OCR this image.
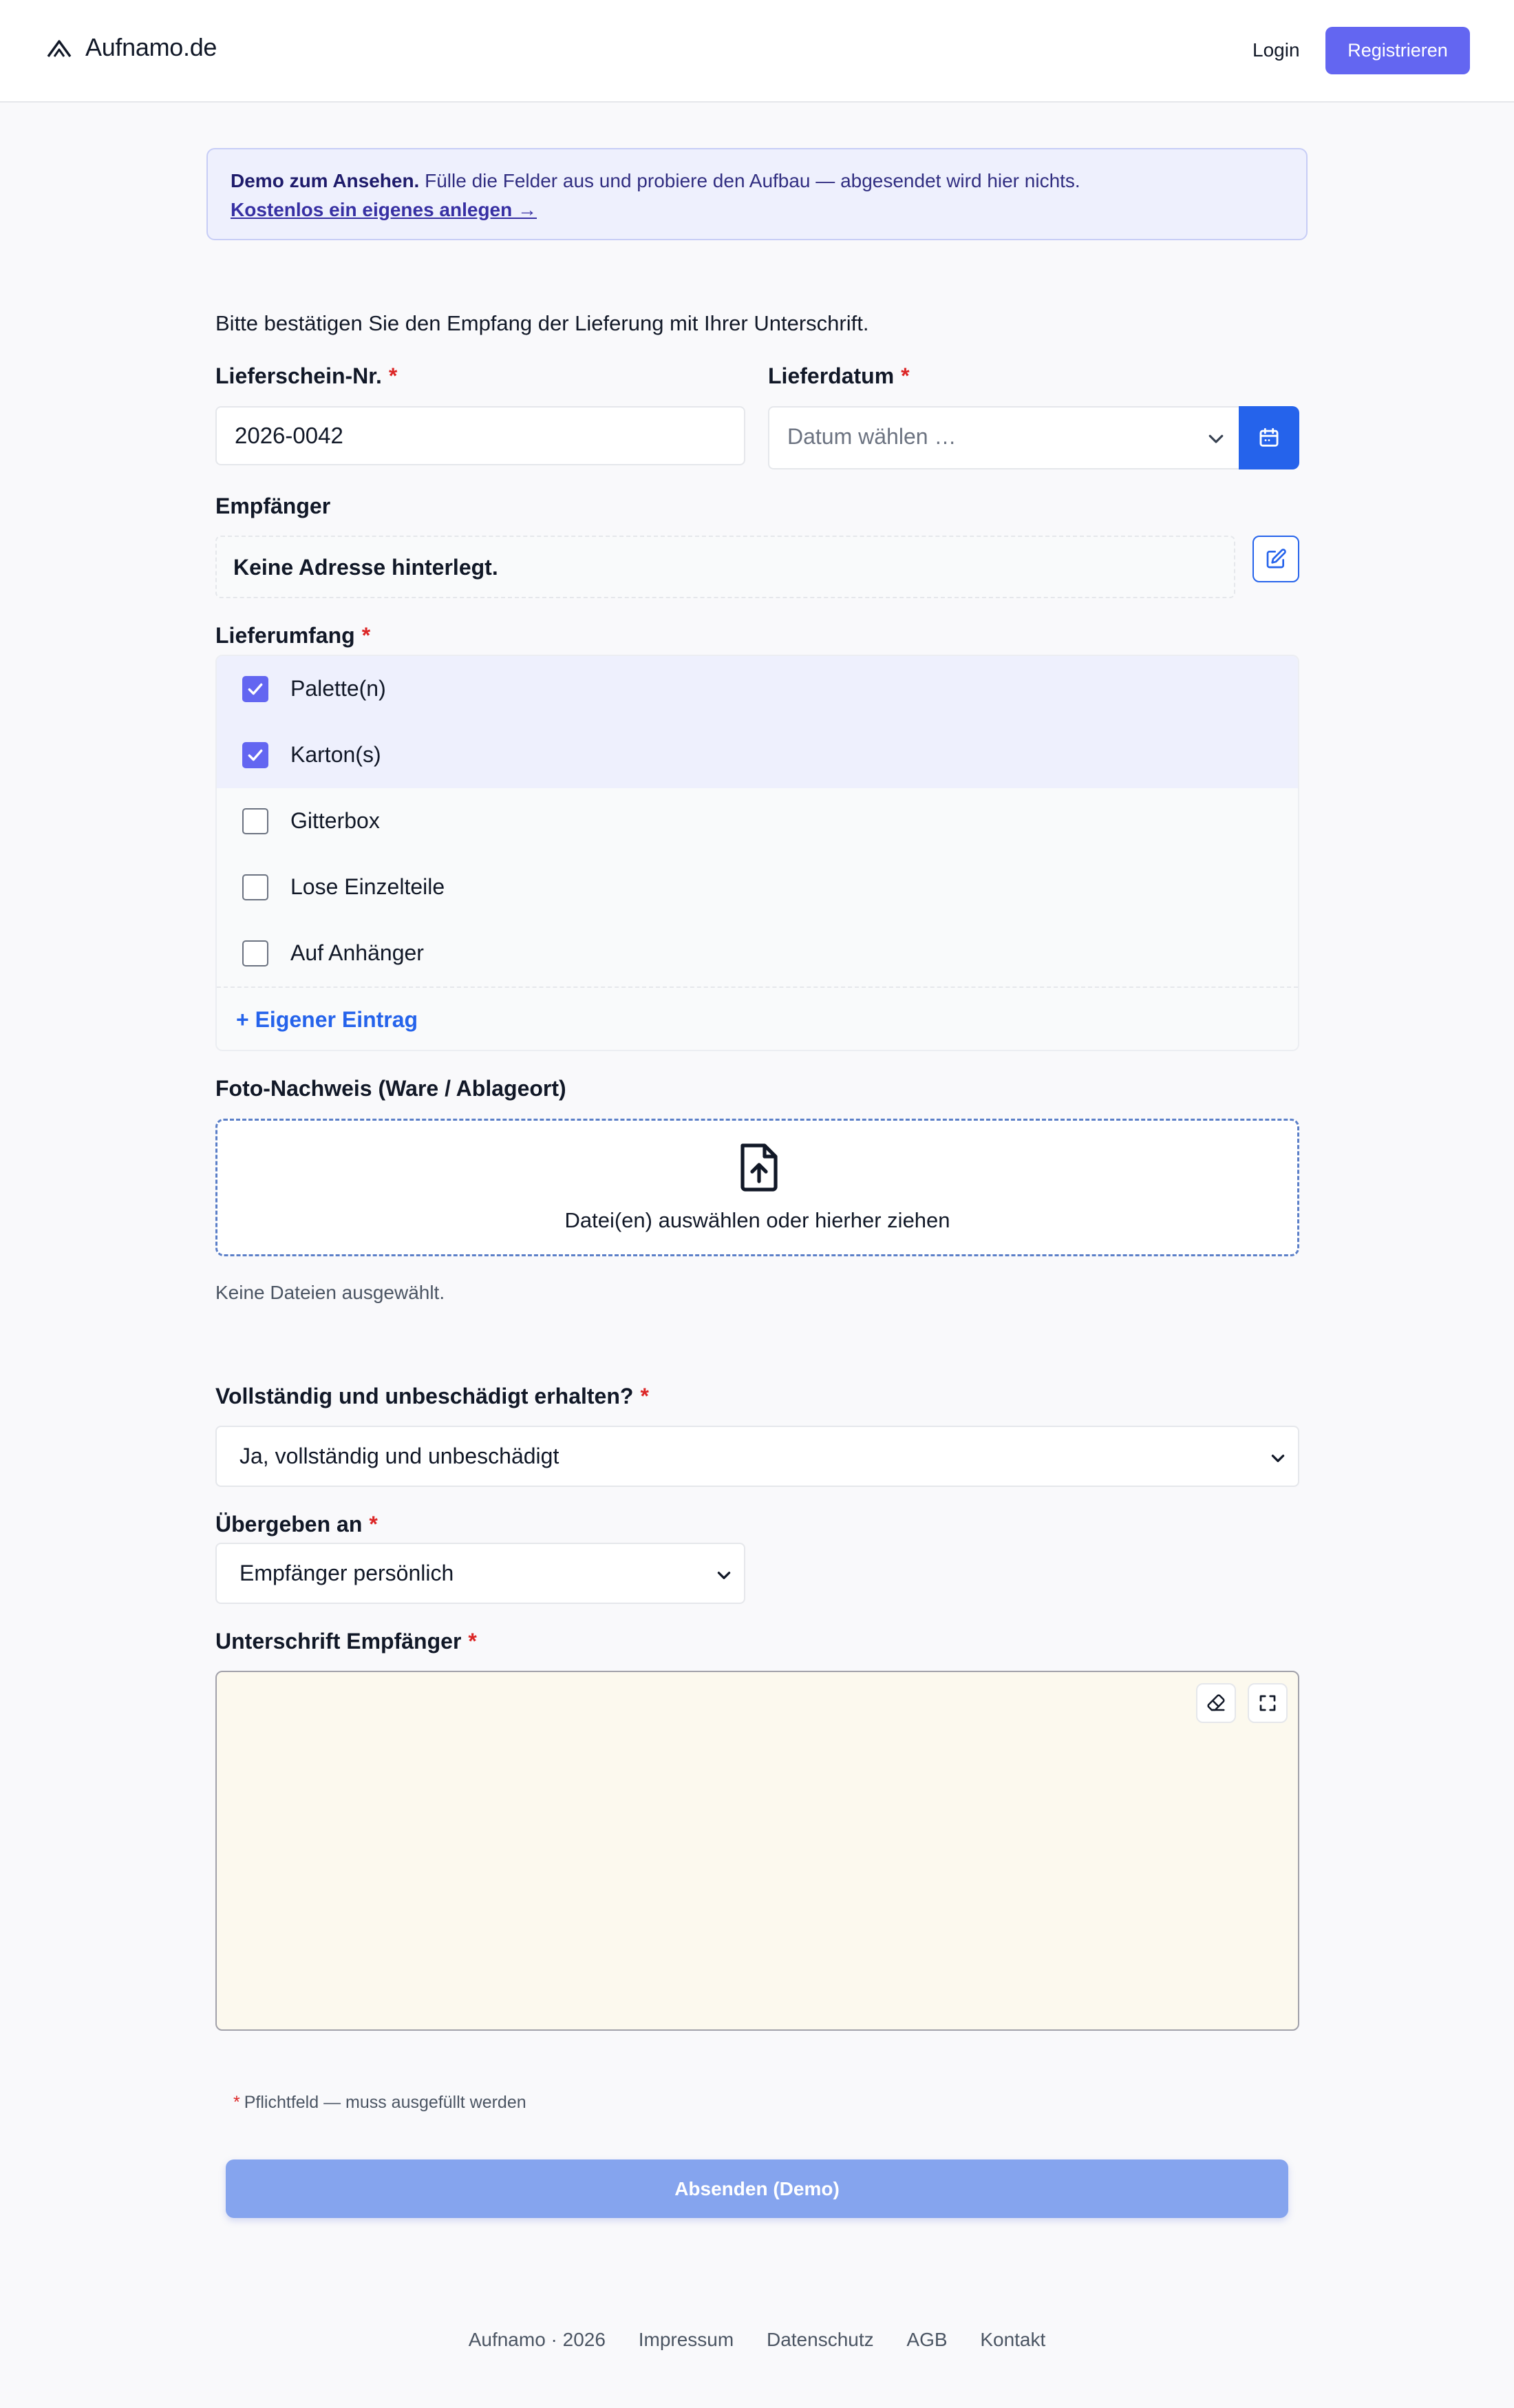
Aufnamo.de	Login	Registrieren
Demo zum Ansehen. Fülle die Felder aus und probiere den Aufbau — abgesendet wird hier nichts.
Kostenlos ein eigenes anlegen →
Bitte bestätigen Sie den Empfang der Lieferung mit Ihrer Unterschrift.
Lieferschein-Nr. *
2026-0042
Lieferdatum *
Datum wählen …
Empfänger
Keine Adresse hinterlegt.
Lieferumfang *
Palette(n)
Karton(s)
Gitterbox
Lose Einzelteile
Auf Anhänger
+ Eigener Eintrag
Foto-Nachweis (Ware / Ablageort)
Datei(en) auswählen oder hierher ziehen
Keine Dateien ausgewählt.
Vollständig und unbeschädigt erhalten? *
Ja, vollständig und unbeschädigt
Übergeben an *
Empfänger persönlich
Unterschrift Empfänger *
* Pflichtfeld — muss ausgefüllt werden
Absenden (Demo)
Aufnamo · 2026 Impressum Datenschutz AGB Kontakt
